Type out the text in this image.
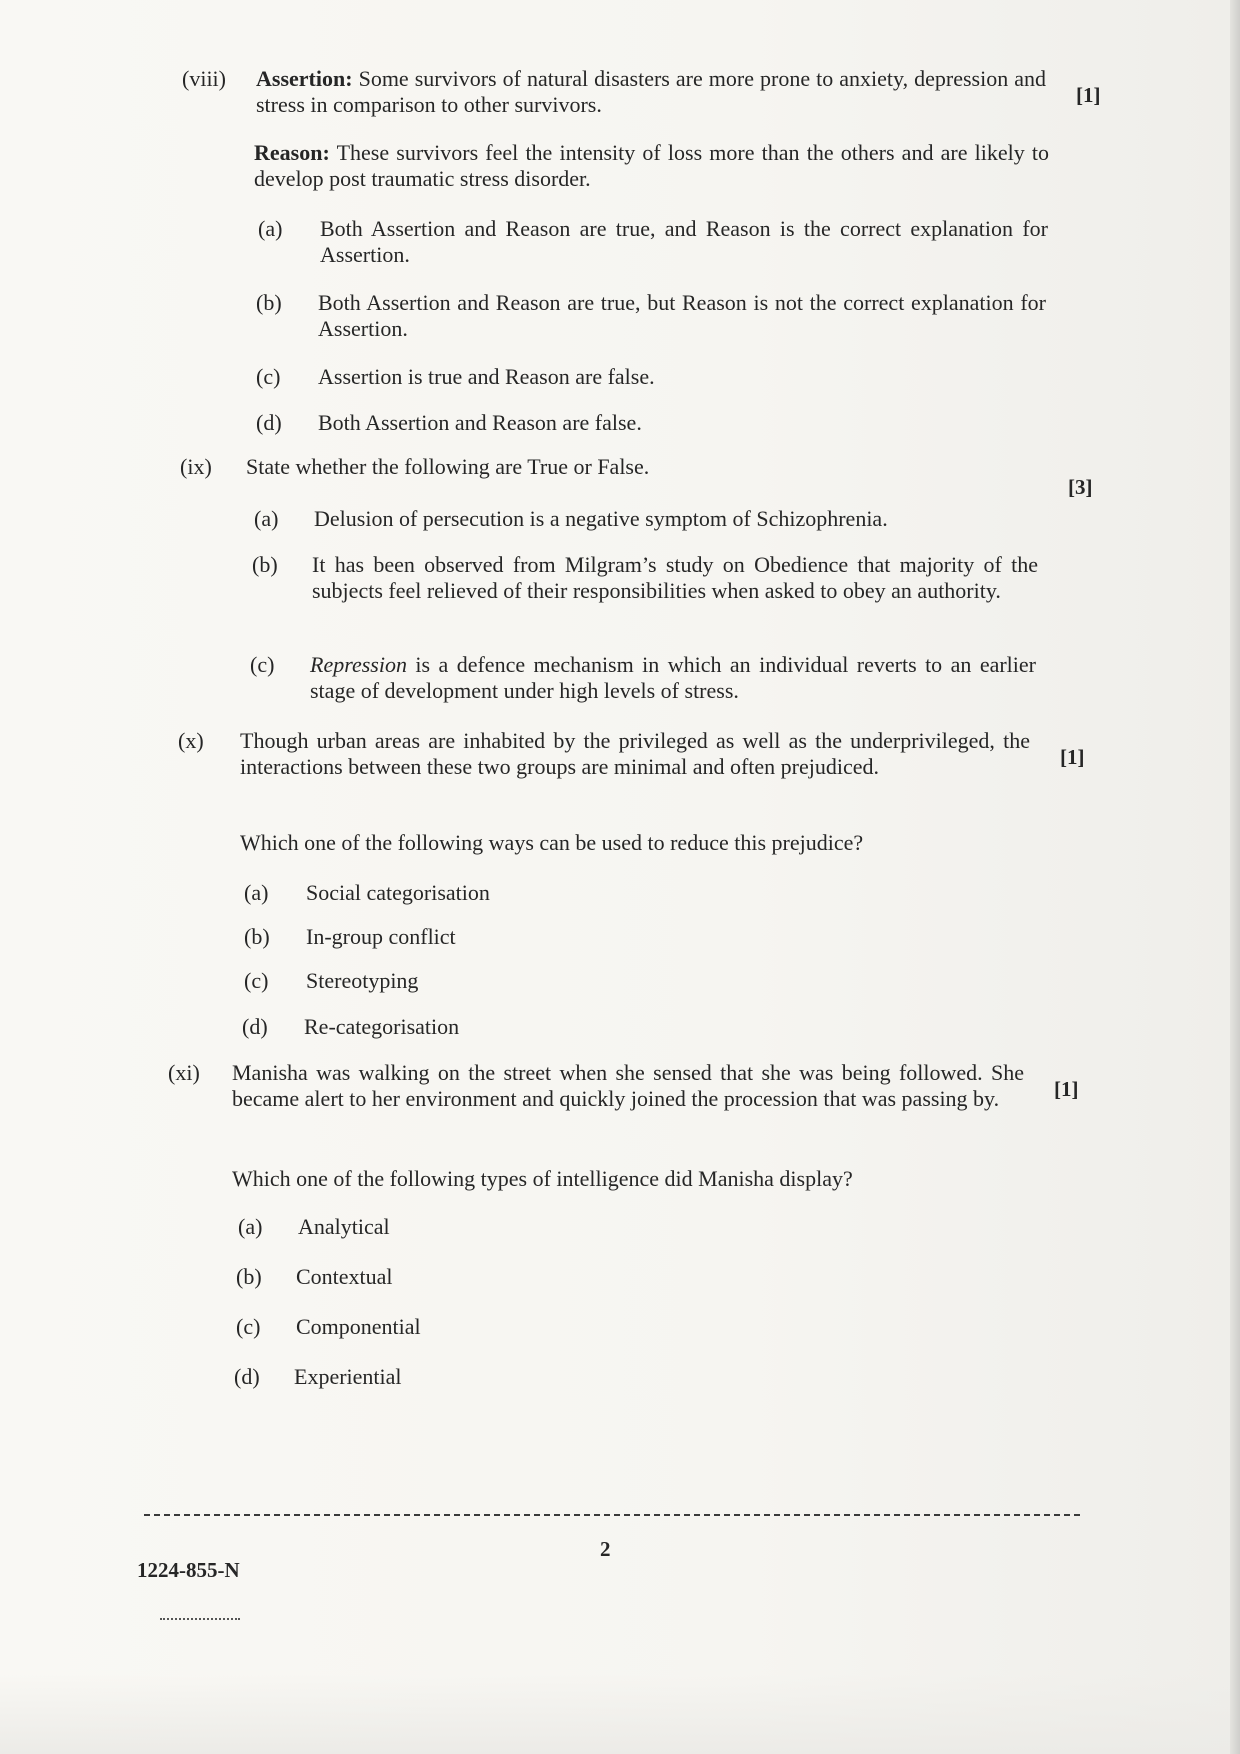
(viii) Assertion: Some survivors of natural disasters are more prone to anxiety, depression and stress in comparison to other survivors.	[1]
Reason: These survivors feel the intensity of loss more than the others and are likely to develop post traumatic stress disorder.
(a) Both Assertion and Reason are true, and Reason is the correct explanation for Assertion.
(b) Both Assertion and Reason are true, but Reason is not the correct explanation for Assertion.
(c) Assertion is true and Reason are false.
(d) Both Assertion and Reason are false.
(ix) State whether the following are True or False.
[3]
(a) Delusion of persecution is a negative symptom of Schizophrenia.
(b) It has been observed from Milgram’s study on Obedience that majority of the subjects feel relieved of their responsibilities when asked to obey an authority.
(c) Repression is a defence mechanism in which an individual reverts to an earlier stage of development under high levels of stress.
(x) Though urban areas are inhabited by the privileged as well as the underprivileged, the interactions between these two groups are minimal and often prejudiced.	[1]
Which one of the following ways can be used to reduce this prejudice?
(a) Social categorisation
(b) In-group conflict
(c) Stereotyping
(d) Re-categorisation
(xi) Manisha was walking on the street when she sensed that she was being followed. She became alert to her environment and quickly joined the procession that was passing by.	[1]
Which one of the following types of intelligence did Manisha display?
(a) Analytical
(b) Contextual
(c) Componential
(d) Experiential
2
1224-855-N
